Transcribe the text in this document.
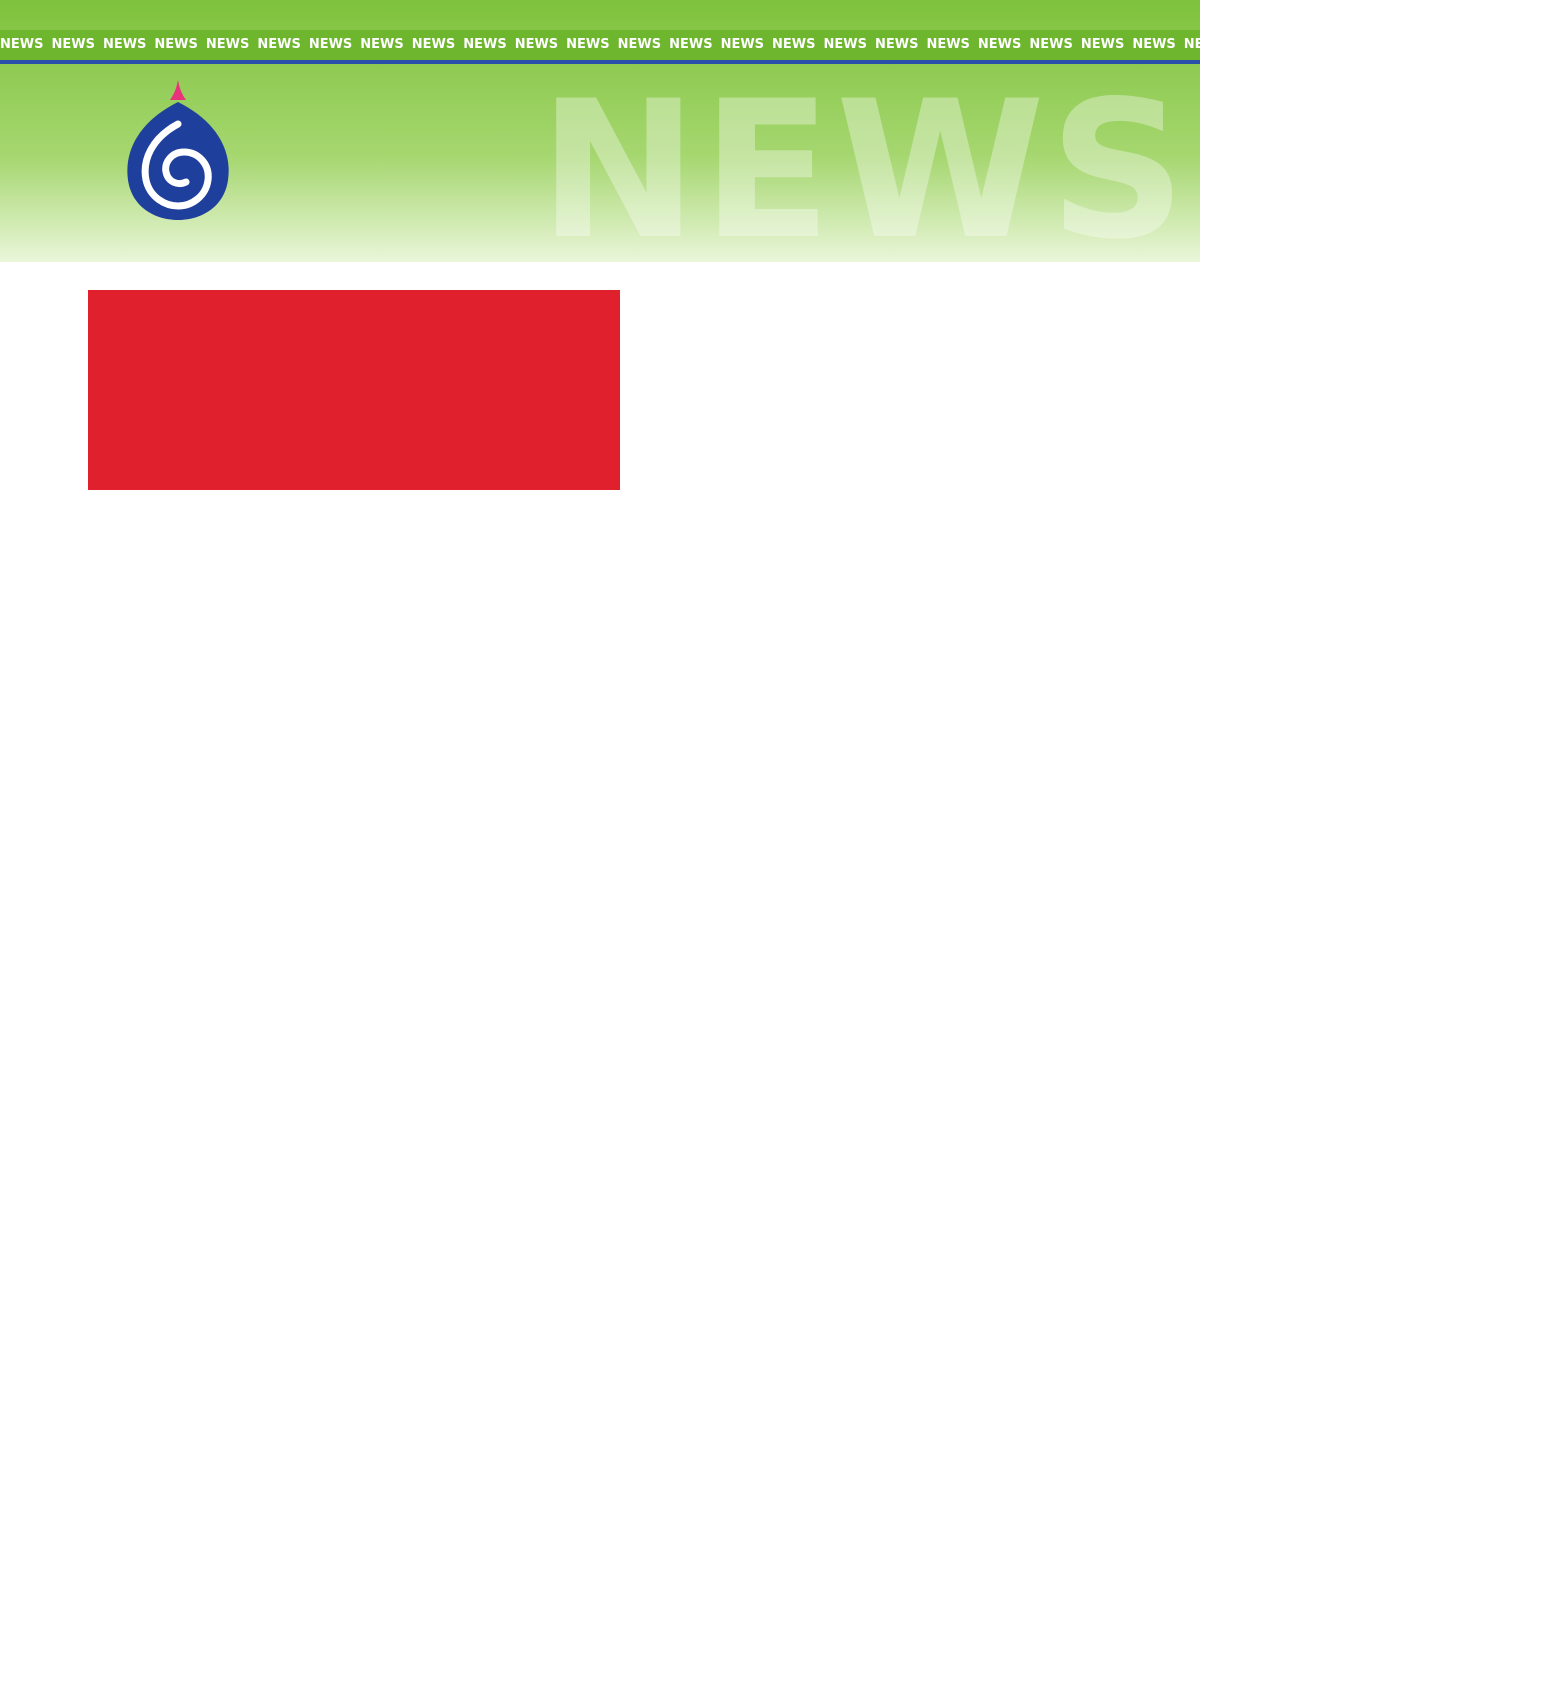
NEWS NEWS NEWS NEWS NEWS NEWS NEWS NEWS NEWS NEWS NEWS NEWS NEWS NEWS NEWS NEWS NEWS NEWS NEWS NEWS NEWS NEWS NEWS NEWS NEWS NEWS NEWS NEWS NEWS NEWS
NEWS
